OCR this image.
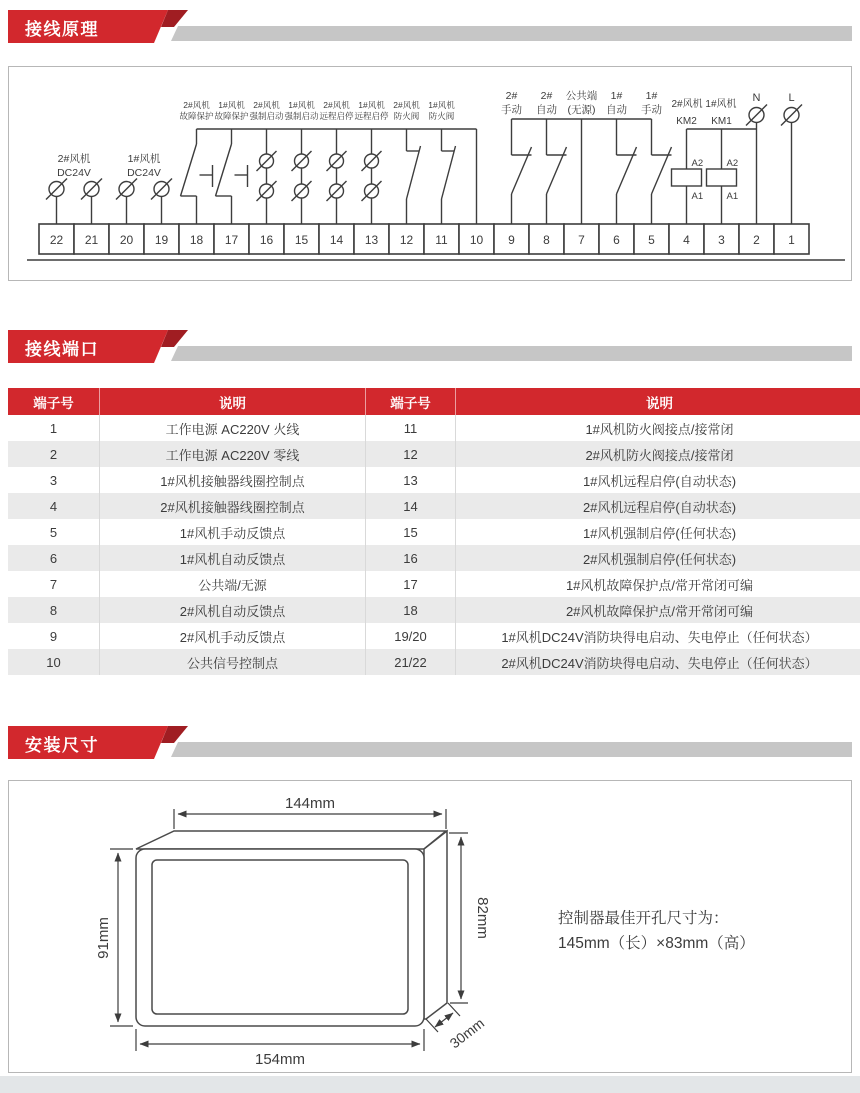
接线原理
2#风机
DC24V
1#风机
DC24V
2#风机
故障保护
1#风机
故障保护
2#风机
强制启动
1#风机
强制启动
2#风机
远程启停
1#风机
远程启停
2#风机
防火阀
1#风机
防火阀
2#
手动
2#
自动
公共端
(无源)
1#
自动
1#
手动
A2
A1
KM2
2#风机 1#风机
A2
A1
KM1
N	L
22 21 20 19 18 17 16 15 14 13 12 11 10 9 8 7 6 5 4 3 2 1
接线端口
端子号	说明	端子号	说明
1	工作电源 AC220V 火线	11	1#风机防火阀接点/接常闭
2	工作电源 AC220V 零线	12	2#风机防火阀接点/接常闭
3	1#风机接触器线圈控制点	13	1#风机远程启停(自动状态)
4	2#风机接触器线圈控制点	14	2#风机远程启停(自动状态)
5	1#风机手动反馈点	15	1#风机强制启停(任何状态)
6	1#风机自动反馈点	16	2#风机强制启停(任何状态)
7	公共端/无源	17	1#风机故障保护点/常开常闭可编
8	2#风机自动反馈点	18	2#风机故障保护点/常开常闭可编
9	2#风机手动反馈点	19/20	1#风机DC24V消防块得电启动、失电停止（任何状态）
10	公共信号控制点	21/22	2#风机DC24V消防块得电启动、失电停止（任何状态）
安装尺寸
144mm
91mm	82mm
154mm
30mm
控制器最佳开孔尺寸为：
145mm（长）×83mm（高）
